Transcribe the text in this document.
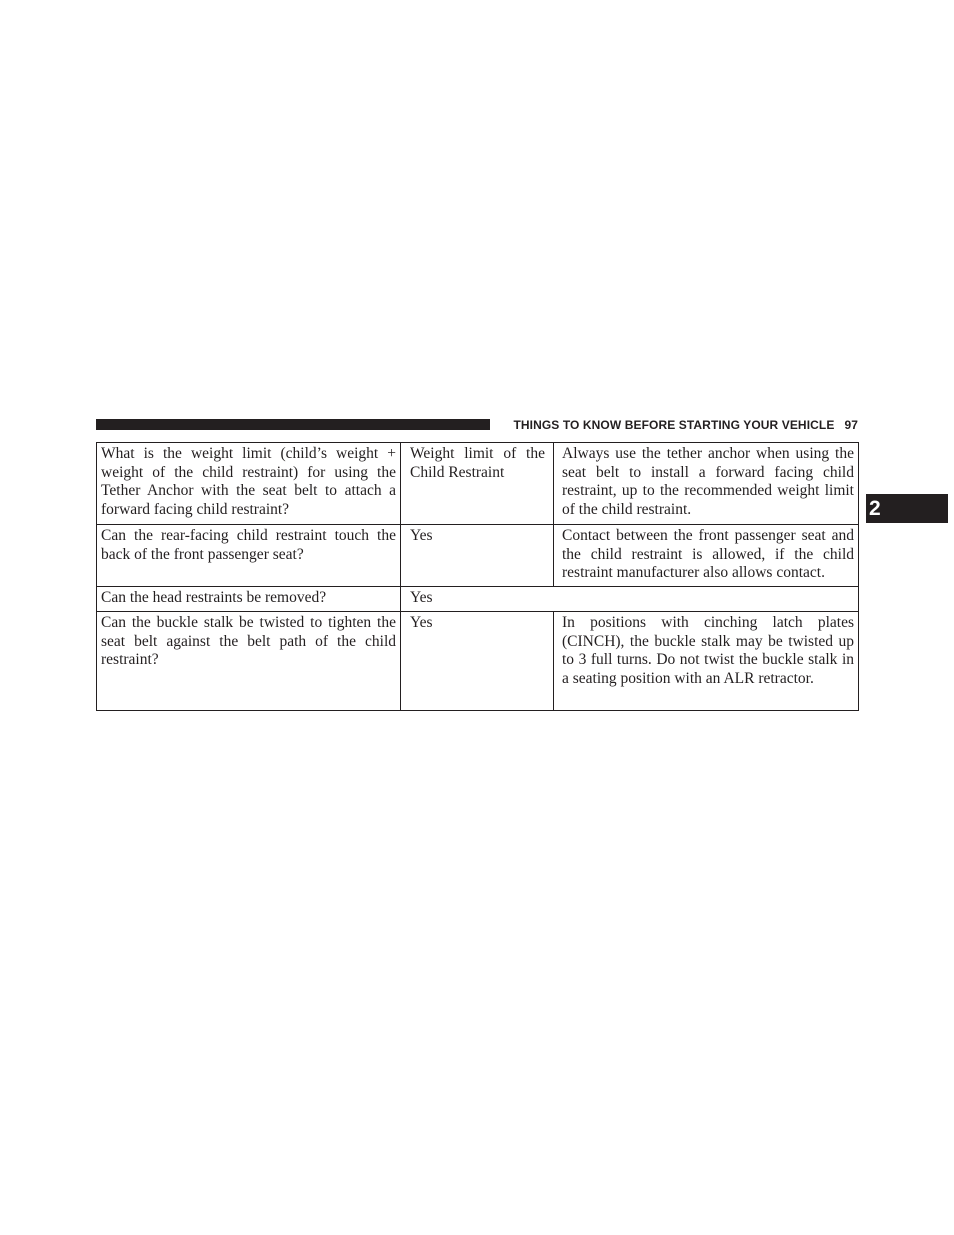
THINGS TO KNOW BEFORE STARTING YOUR VEHICLE 97
2
What is the weight limit (child’s weight + weight of the child restraint) for using the Tether Anchor with the seat belt to attach a forward facing child restraint?	Weight limit of the Child Restraint	Always use the tether anchor when using the seat belt to install a forward facing child restraint, up to the recommended weight limit of the child restraint.
Can the rear-facing child restraint touch the back of the front passenger seat?	Yes	Contact between the front passenger seat and the child restraint is allowed, if the child restraint manufacturer also allows contact.
Can the head restraints be removed?	Yes	
Can the buckle stalk be twisted to tighten the seat belt against the belt path of the child restraint?	Yes	In positions with cinching latch plates (CINCH), the buckle stalk may be twisted up to 3 full turns. Do not twist the buckle stalk in a seating position with an ALR retractor.
